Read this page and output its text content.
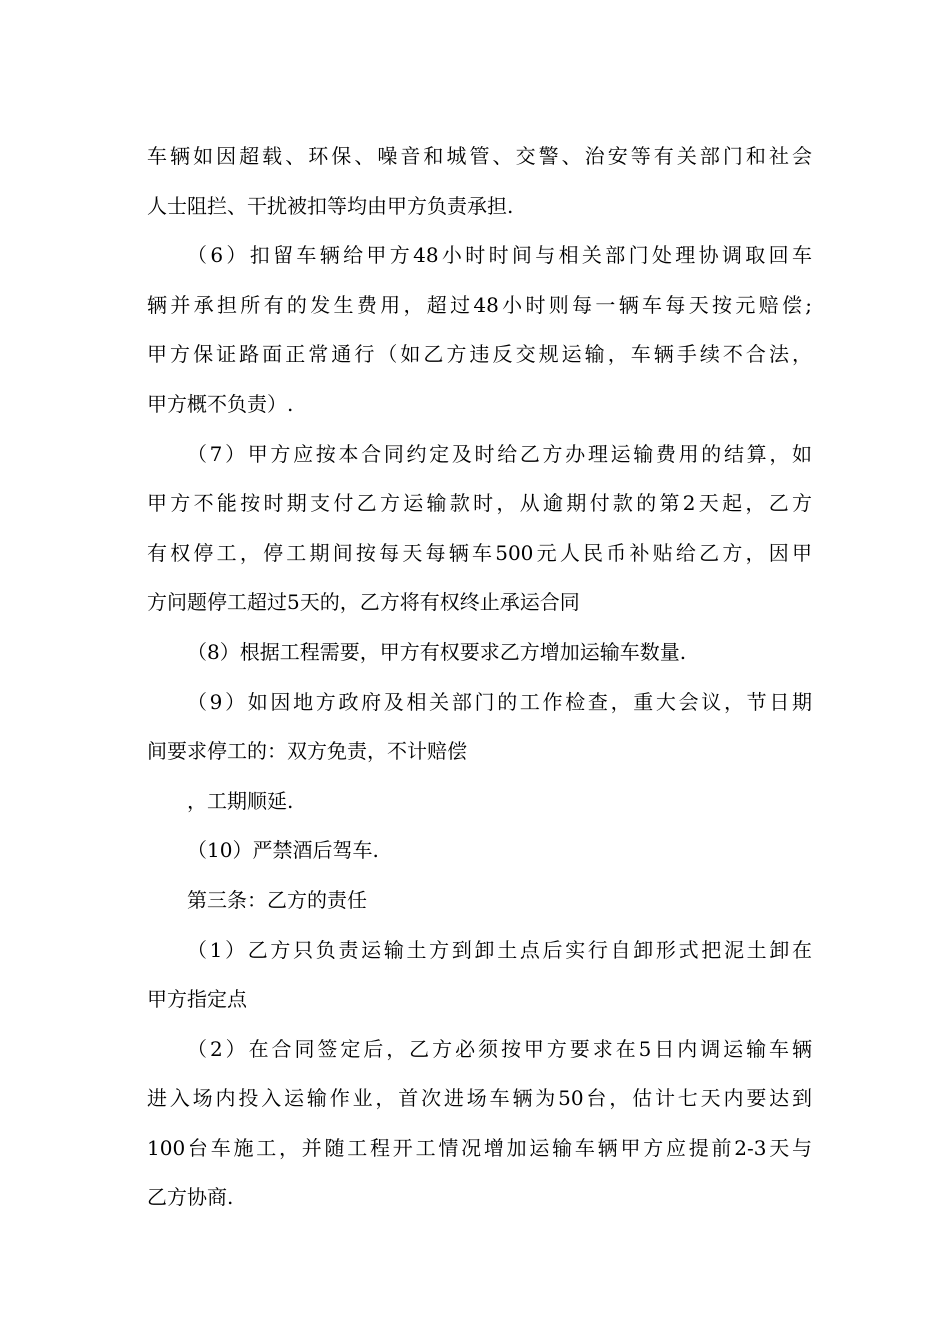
车辆如因超载、环保、噪音和城管、交警、治安等有关部门和社会
人士阻拦、干扰被扣等均由甲方负责承担.
（6）扣留车辆给甲方48小时时间与相关部门处理协调取回车
辆并承担所有的发生费用，超过48小时则每一辆车每天按元赔偿;
甲方保证路面正常通行（如乙方违反交规运输，车辆手续不合法，
甲方概不负责）.
（7）甲方应按本合同约定及时给乙方办理运输费用的结算，如
甲方不能按时期支付乙方运输款时，从逾期付款的第2天起，乙方
有权停工，停工期间按每天每辆车500元人民币补贴给乙方，因甲
方问题停工超过5天的，乙方将有权终止承运合同
（8）根据工程需要，甲方有权要求乙方增加运输车数量.
（9）如因地方政府及相关部门的工作检查，重大会议，节日期
间要求停工的：双方免责，不计赔偿
，工期顺延.
（10）严禁酒后驾车.
第三条：乙方的责任
（1）乙方只负责运输土方到卸土点后实行自卸形式把泥土卸在
甲方指定点
（2）在合同签定后，乙方必须按甲方要求在5日内调运输车辆
进入场内投入运输作业，首次进场车辆为50台，估计七天内要达到
100台车施工，并随工程开工情况增加运输车辆甲方应提前2-3天与
乙方协商.
